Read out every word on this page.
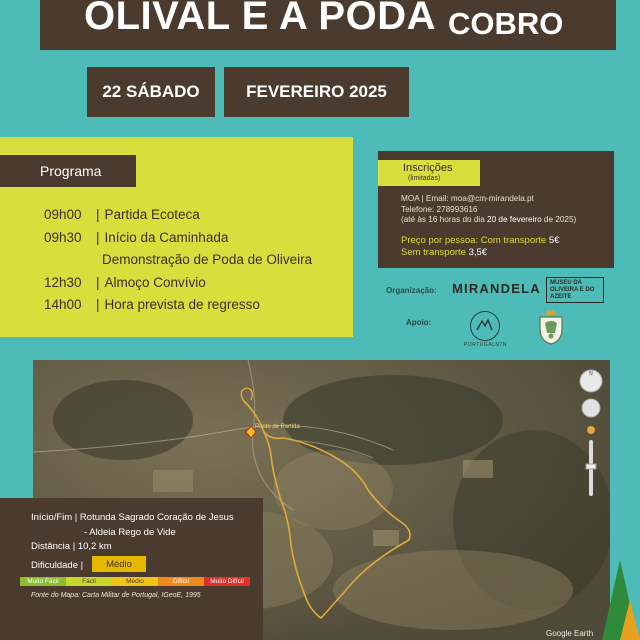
OLIVAL E A PODA COBRO
22 SÁBADO	FEVEREIRO 2025
Programa
09h00 | Partida Ecoteca
09h30 | Início da Caminhada
Demonstração de Poda de Oliveira
12h30 | Almoço Convívio
14h00 | Hora prevista de regresso
Inscrições
(limitadas)
MOA | Email: moa@cm-mirandela.pt
Telefone: 278993616
(até às 16 horas do dia 20 de fevereiro de 2025)
Preço por pessoa: Com transporte 5€
Sem transporte 3,5€
Organização: MIRANDELA	MUSEU DA OLIVEIRA E DO AZEITE
Apoio:
PORTUGALN7N
Ponto de Partida
Google Earth
N
Início/Fim | Rotunda Sagrado Coração de Jesus
- Aldeia Rego de Vide
Distância | 10,2 km
Dificuldade |	Médio
Muito Fácil	Fácil	Médio	Difícil	Muito Difícil
Fonte do Mapa: Carta Militar de Portugal, IGeoE, 1995
